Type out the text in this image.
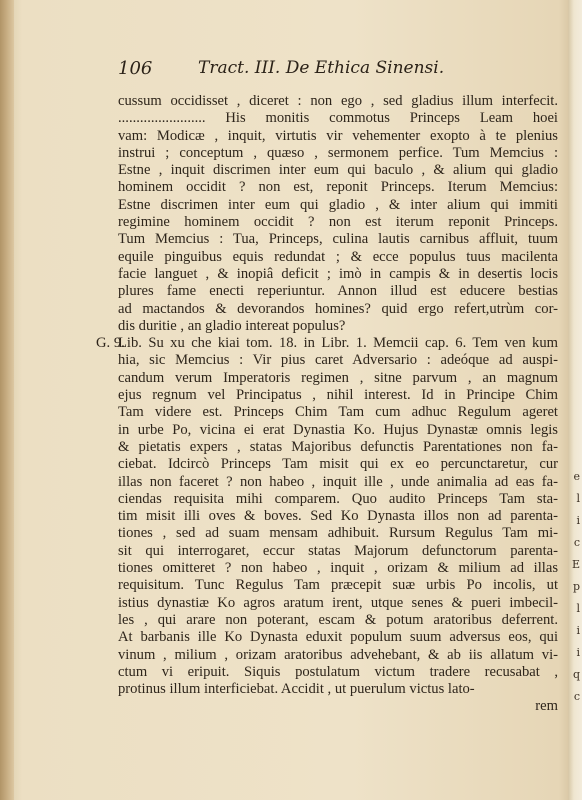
106	Tract. III. De Ethica Sinensi.
G. 9.
cussum occidisset , diceret : non ego , sed gladius illum interfecit.
........................ His monitis commotus Princeps Leam hoei
vam: Modicæ , inquit, virtutis vir vehementer exopto à te plenius
instrui ; conceptum , quæso , sermonem perfice. Tum Memcius :
Estne , inquit discrimen inter eum qui baculo , & alium qui gladio
hominem occidit ? non est, reponit Princeps. Iterum Memcius:
Estne discrimen inter eum qui gladio , & inter alium qui immiti
regimine hominem occidit ? non est iterum reponit Princeps.
Tum Memcius : Tua, Princeps, culina lautis carnibus affluit, tuum
equile pinguibus equis redundat ; & ecce populus tuus macilenta
facie languet , & inopiâ deficit ; imò in campis & in desertis locis
plures fame enecti reperiuntur. Annon illud est educere bestias
ad mactandos & devorandos homines? quid ergo refert,utrùm cor-
dis duritie , an gladio intereat populus?
Lib. Su xu che kiai tom. 18. in Libr. 1. Memcii cap. 6. Tem ven kum
hia, sic Memcius : Vir pius caret Adversario : adeóque ad auspi-
candum verum Imperatoris regimen , sitne parvum , an magnum
ejus regnum vel Principatus , nihil interest. Id in Principe Chim
Tam videre est. Princeps Chim Tam cum adhuc Regulum ageret
in urbe Po, vicina ei erat Dynastia Ko. Hujus Dynastæ omnis legis
& pietatis expers , statas Majoribus defunctis Parentationes non fa-
ciebat. Idcircò Princeps Tam misit qui ex eo percunctaretur, cur
illas non faceret ? non habeo , inquit ille , unde animalia ad eas fa-
ciendas requisita mihi comparem. Quo audito Princeps Tam sta-
tim misit illi oves & boves. Sed Ko Dynasta illos non ad parenta-
tiones , sed ad suam mensam adhibuit. Rursum Regulus Tam mi-
sit qui interrogaret, eccur statas Majorum defunctorum parenta-
tiones omitteret ? non habeo , inquit , orizam & milium ad illas
requisitum. Tunc Regulus Tam præcepit suæ urbis Po incolis, ut
istius dynastiæ Ko agros aratum irent, utque senes & pueri imbecil-
les , qui arare non poterant, escam & potum aratoribus deferrent.
At barbanis ille Ko Dynasta eduxit populum suum adversus eos, qui
vinum , milium , orizam aratoribus advehebant, & ab iis allatum vi-
ctum vi eripuit. Siquis postulatum victum tradere recusabat ,
protinus illum interficiebat. Accidit , ut puerulum victus lato-
rem
e
l
i
c
E
p
l
i
i
q
c
